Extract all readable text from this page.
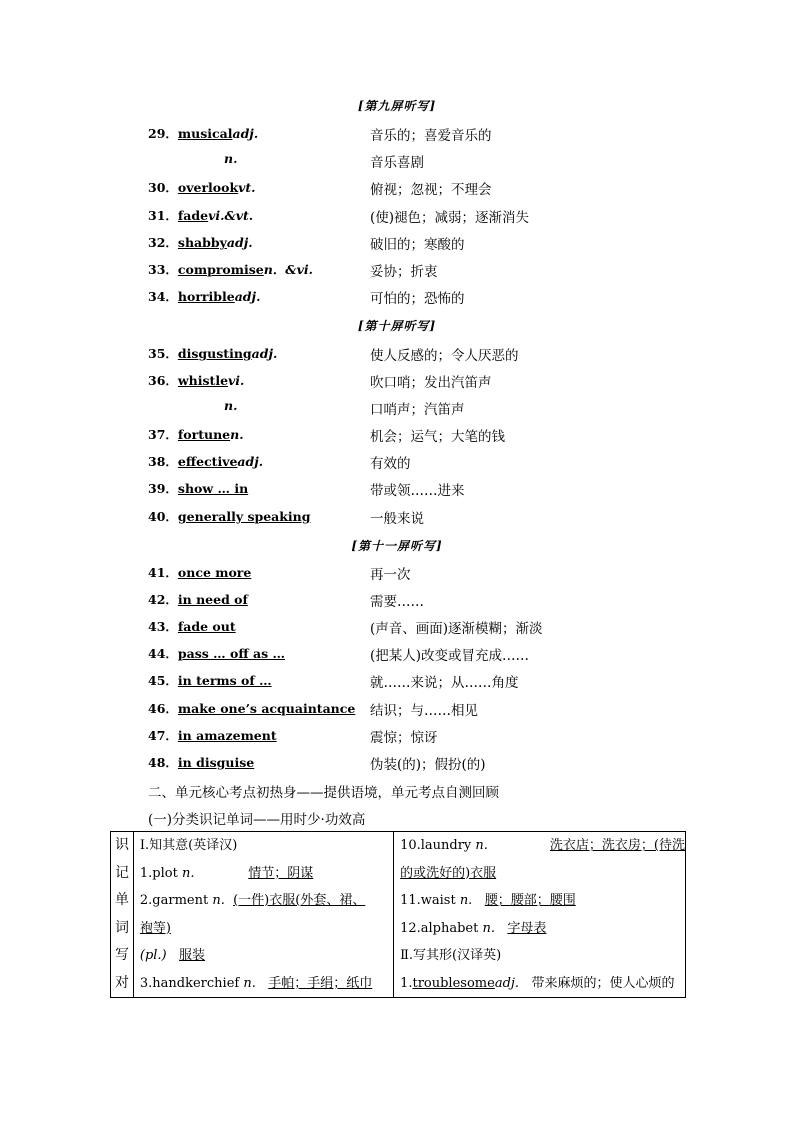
[第九屏听写]
[第十屏听写]
[第十一屏听写]
29．musicaladj.	音乐的；喜爱音乐的
n.	音乐喜剧
30．overlookvt.	俯视；忽视；不理会
31．fadevi.&vt.	(使)褪色；减弱；逐渐消失
32．shabbyadj.	破旧的；寒酸的
33．compromisen．&vi.	妥协；折衷
34．horribleadj.	可怕的；恐怖的
35．disgustingadj.	使人反感的；令人厌恶的
36．whistlevi.	吹口哨；发出汽笛声
n.	口哨声；汽笛声
37．fortunen.	机会；运气；大笔的钱
38．effectiveadj.	有效的
39．show … in	带或领……进来
40．generally speaking	一般来说
41．once more	再一次
42．in need of	需要……
43．fade out	(声音、画面)逐渐模糊；渐淡
44．pass … off as …	(把某人)改变或冒充成……
45．in terms of …	就……来说；从……角度
46．make one’s acquaintance 结识；与……相见
47．in amazement	震惊；惊讶
48．in disguise	伪装(的)；假扮(的)
二、单元核心考点初热身——提供语境，单元考点自测回顾
(一)分类识记单词——用时少·功效高
识
记
单
词
写
对

Ⅰ.知其意(英译汉)
1.plot n.	情节；阴谋
2.garment n. (一件)衣服(外套、裙、
袍等)
(pl.) 服装
3.handkerchief n. 手帕；手绢；纸巾

10.laundry n.	洗衣店；洗衣房；(待洗
的或洗好的)衣服
11.waist n. 腰；腰部；腰围
12.alphabet n. 字母表
Ⅱ.写其形(汉译英)
1.troublesomeadj. 带来麻烦的；使人心烦的
